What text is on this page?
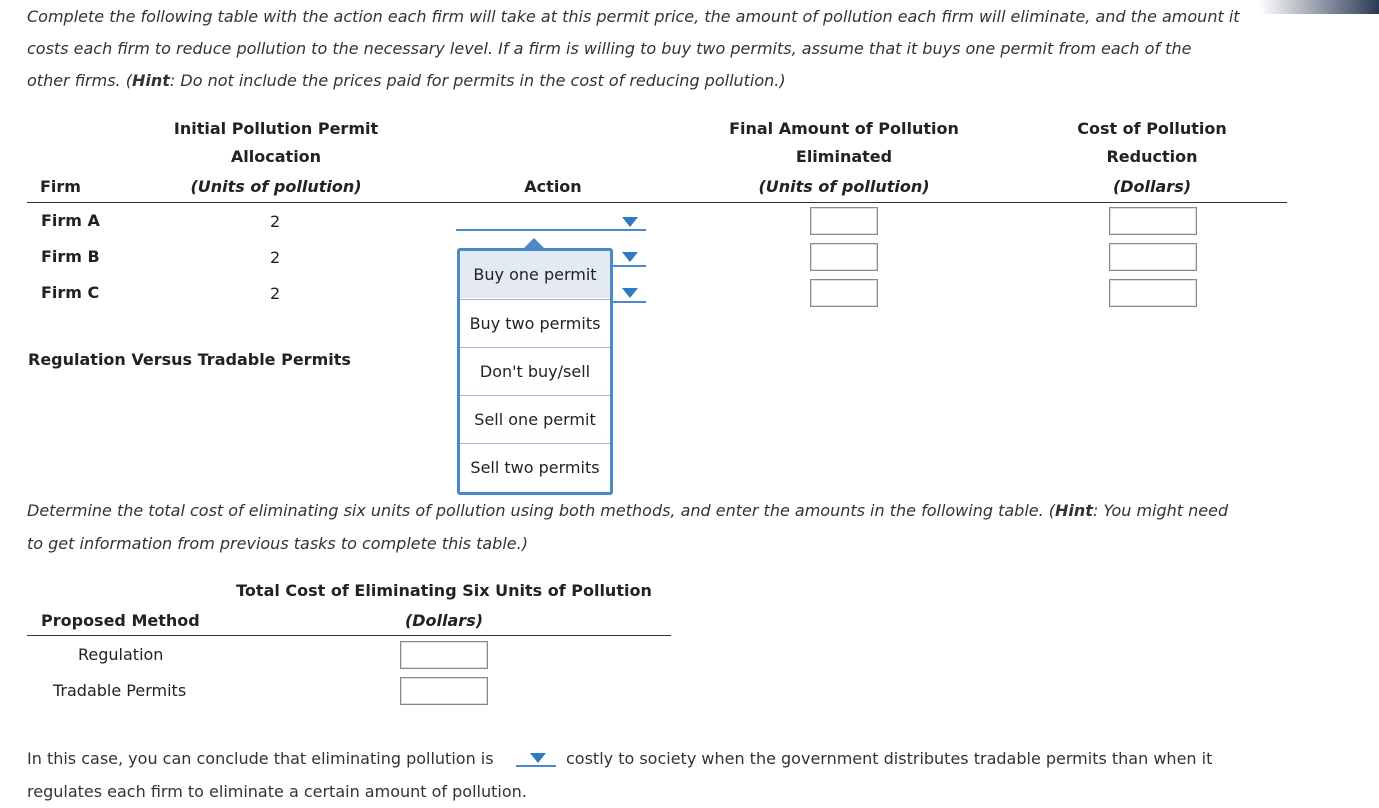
Complete the following table with the action each firm will take at this permit price, the amount of pollution each firm will eliminate, and the amount it

costs each firm to reduce pollution to the necessary level. If a firm is willing to buy two permits, assume that it buys one permit from each of the

other firms. (Hint: Do not include the prices paid for permits in the cost of reducing pollution.)

Firm
Initial Pollution Permit
Allocation
(Units of pollution)	Action
Final Amount of Pollution
Eliminated
(Units of pollution)
Cost of Pollution
Reduction
(Dollars)
Firm A
Firm B
Firm C
2
2
2
Regulation Versus Tradable Permits
Buy one permit
Buy two permits
Don't buy/sell
Sell one permit
Sell two permits

Determine the total cost of eliminating six units of pollution using both methods, and enter the amounts in the following table. (Hint: You might need

to get information from previous tasks to complete this table.)

Total Cost of Eliminating Six Units of Pollution
(Dollars)
Proposed Method
Regulation
Tradable Permits
In this case, you can conclude that eliminating pollution is	costly to society when the government distributes tradable permits than when it
regulates each firm to eliminate a certain amount of pollution.
